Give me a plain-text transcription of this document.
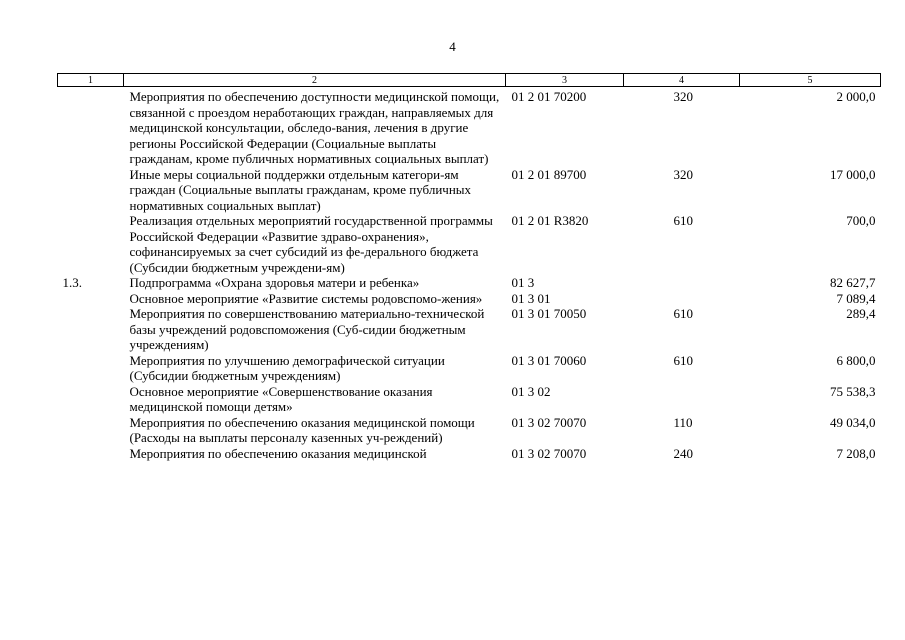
4
1	2	3	4	5
	Мероприятия по обеспечению доступности медицинской помощи, связанной с проездом неработающих граждан, направляемых для медицинской консультации, обследо-вания, лечения в другие регионы Российской Федерации (Социальные выплаты гражданам, кроме публичных нормативных социальных выплат)	01 2 01 70200	320	2 000,0
	Иные меры социальной поддержки отдельным категори-ям граждан (Социальные выплаты гражданам, кроме публичных нормативных социальных выплат)	01 2 01 89700	320	17 000,0
	Реализация отдельных мероприятий государственной программы Российской Федерации «Развитие здраво-охранения», софинансируемых за счет субсидий из фе-дерального бюджета (Субсидии бюджетным учреждени-ям)	01 2 01 R3820	610	700,0
1.3.	Подпрограмма «Охрана здоровья матери и ребенка»	01 3		82 627,7
	Основное мероприятие «Развитие системы родовспомо-жения»	01 3 01		7 089,4
	Мероприятия по совершенствованию материально-технической базы учреждений родовспоможения (Суб-сидии бюджетным учреждениям)	01 3 01 70050	610	289,4
	Мероприятия по улучшению демографической ситуации (Субсидии бюджетным учреждениям)	01 3 01 70060	610	6 800,0
	Основное мероприятие «Совершенствование оказания медицинской помощи детям»	01 3 02		75 538,3
	Мероприятия по обеспечению оказания медицинской помощи (Расходы на выплаты персоналу казенных уч-реждений)	01 3 02 70070	110	49 034,0
	Мероприятия по обеспечению оказания медицинской	01 3 02 70070	240	7 208,0
